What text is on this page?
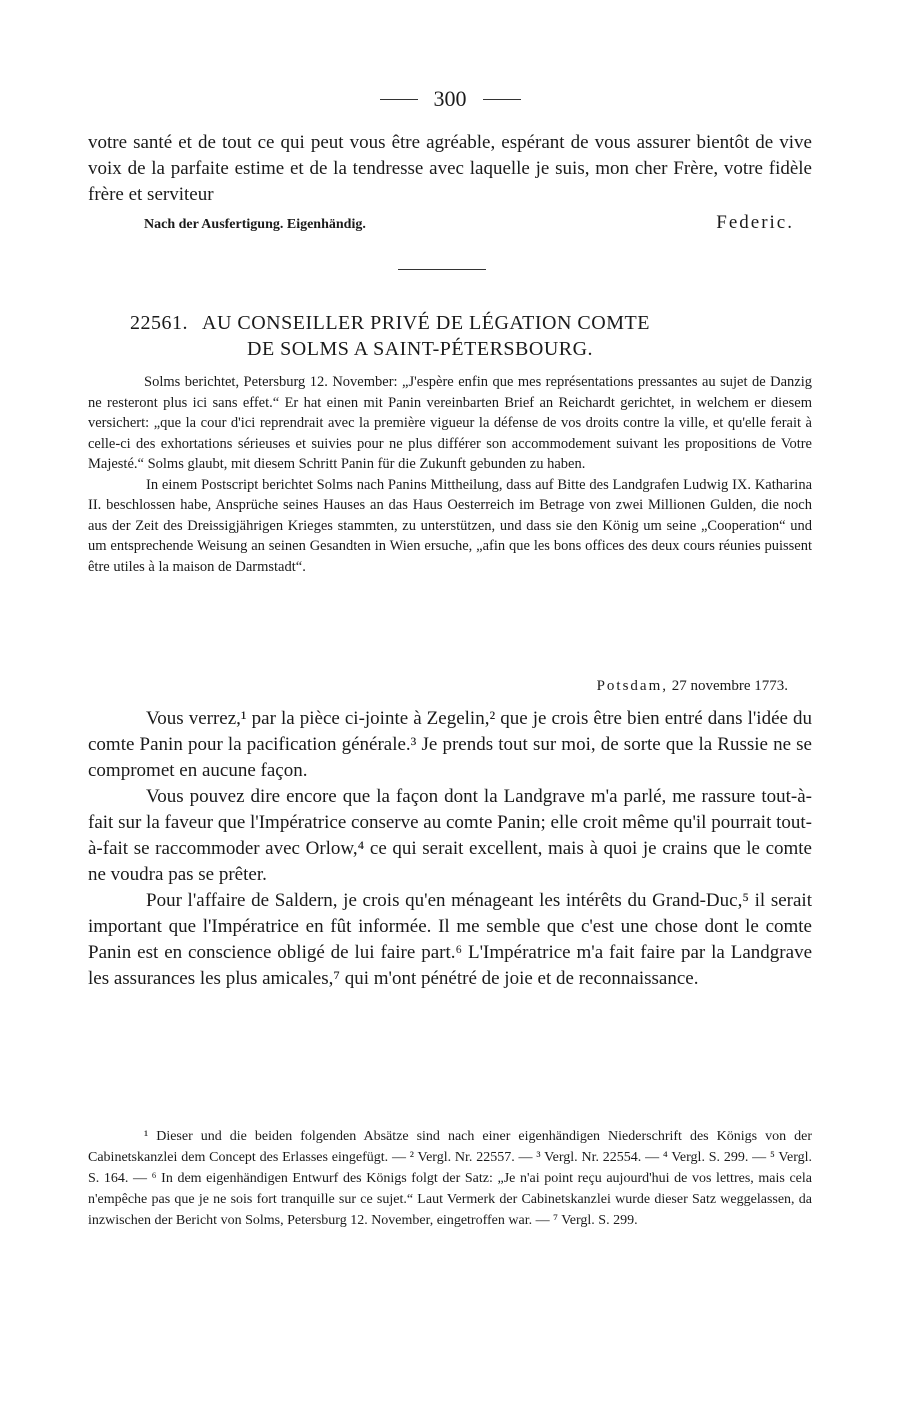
300
votre santé et de tout ce qui peut vous être agréable, espérant de vous assurer bientôt de vive voix de la parfaite estime et de la tendresse avec laquelle je suis, mon cher Frère, votre fidèle frère et serviteur
Nach der Ausfertigung. Eigenhändig.	Federic.
22561. AU CONSEILLER PRIVÉ DE LÉGATION COMTE
DE SOLMS A SAINT-PÉTERSBOURG.

Solms berichtet, Petersburg 12. November: „J'espère enfin que mes représentations pressantes au sujet de Danzig ne resteront plus ici sans effet.“ Er hat einen mit Panin vereinbarten Brief an Reichardt gerichtet, in welchem er diesem versichert: „que la cour d'ici reprendrait avec la première vigueur la défense de vos droits contre la ville, et qu'elle ferait à celle-ci des exhortations sérieuses et suivies pour ne plus différer son accommodement suivant les propositions de Votre Majesté.“ Solms glaubt, mit diesem Schritt Panin für die Zukunft gebunden zu haben.

In einem Postscript berichtet Solms nach Panins Mittheilung, dass auf Bitte des Landgrafen Ludwig IX. Katharina II. beschlossen habe, Ansprüche seines Hauses an das Haus Oesterreich im Betrage von zwei Millionen Gulden, die noch aus der Zeit des Dreissigjährigen Krieges stammten, zu unterstützen, und dass sie den König um seine „Cooperation“ und um entsprechende Weisung an seinen Gesandten in Wien ersuche, „afin que les bons offices des deux cours réunies puissent être utiles à la maison de Darmstadt“.

Potsdam, 27 novembre 1773.

Vous verrez,¹ par la pièce ci-jointe à Zegelin,² que je crois être bien entré dans l'idée du comte Panin pour la pacification générale.³ Je prends tout sur moi, de sorte que la Russie ne se compromet en aucune façon.

Vous pouvez dire encore que la façon dont la Landgrave m'a parlé, me rassure tout-à-fait sur la faveur que l'Impératrice conserve au comte Panin; elle croit même qu'il pourrait tout-à-fait se raccommoder avec Orlow,⁴ ce qui serait excellent, mais à quoi je crains que le comte ne voudra pas se prêter.

Pour l'affaire de Saldern, je crois qu'en ménageant les intérêts du Grand-Duc,⁵ il serait important que l'Impératrice en fût informée. Il me semble que c'est une chose dont le comte Panin est en conscience obligé de lui faire part.⁶ L'Impératrice m'a fait faire par la Landgrave les assurances les plus amicales,⁷ qui m'ont pénétré de joie et de reconnaissance.

¹ Dieser und die beiden folgenden Absätze sind nach einer eigenhändigen Niederschrift des Königs von der Cabinetskanzlei dem Concept des Erlasses eingefügt. — ² Vergl. Nr. 22557. — ³ Vergl. Nr. 22554. — ⁴ Vergl. S. 299. — ⁵ Vergl. S. 164. — ⁶ In dem eigenhändigen Entwurf des Königs folgt der Satz: „Je n'ai point reçu aujourd'hui de vos lettres, mais cela n'empêche pas que je ne sois fort tranquille sur ce sujet.“ Laut Vermerk der Cabinetskanzlei wurde dieser Satz weggelassen, da inzwischen der Bericht von Solms, Petersburg 12. November, eingetroffen war. — ⁷ Vergl. S. 299.
